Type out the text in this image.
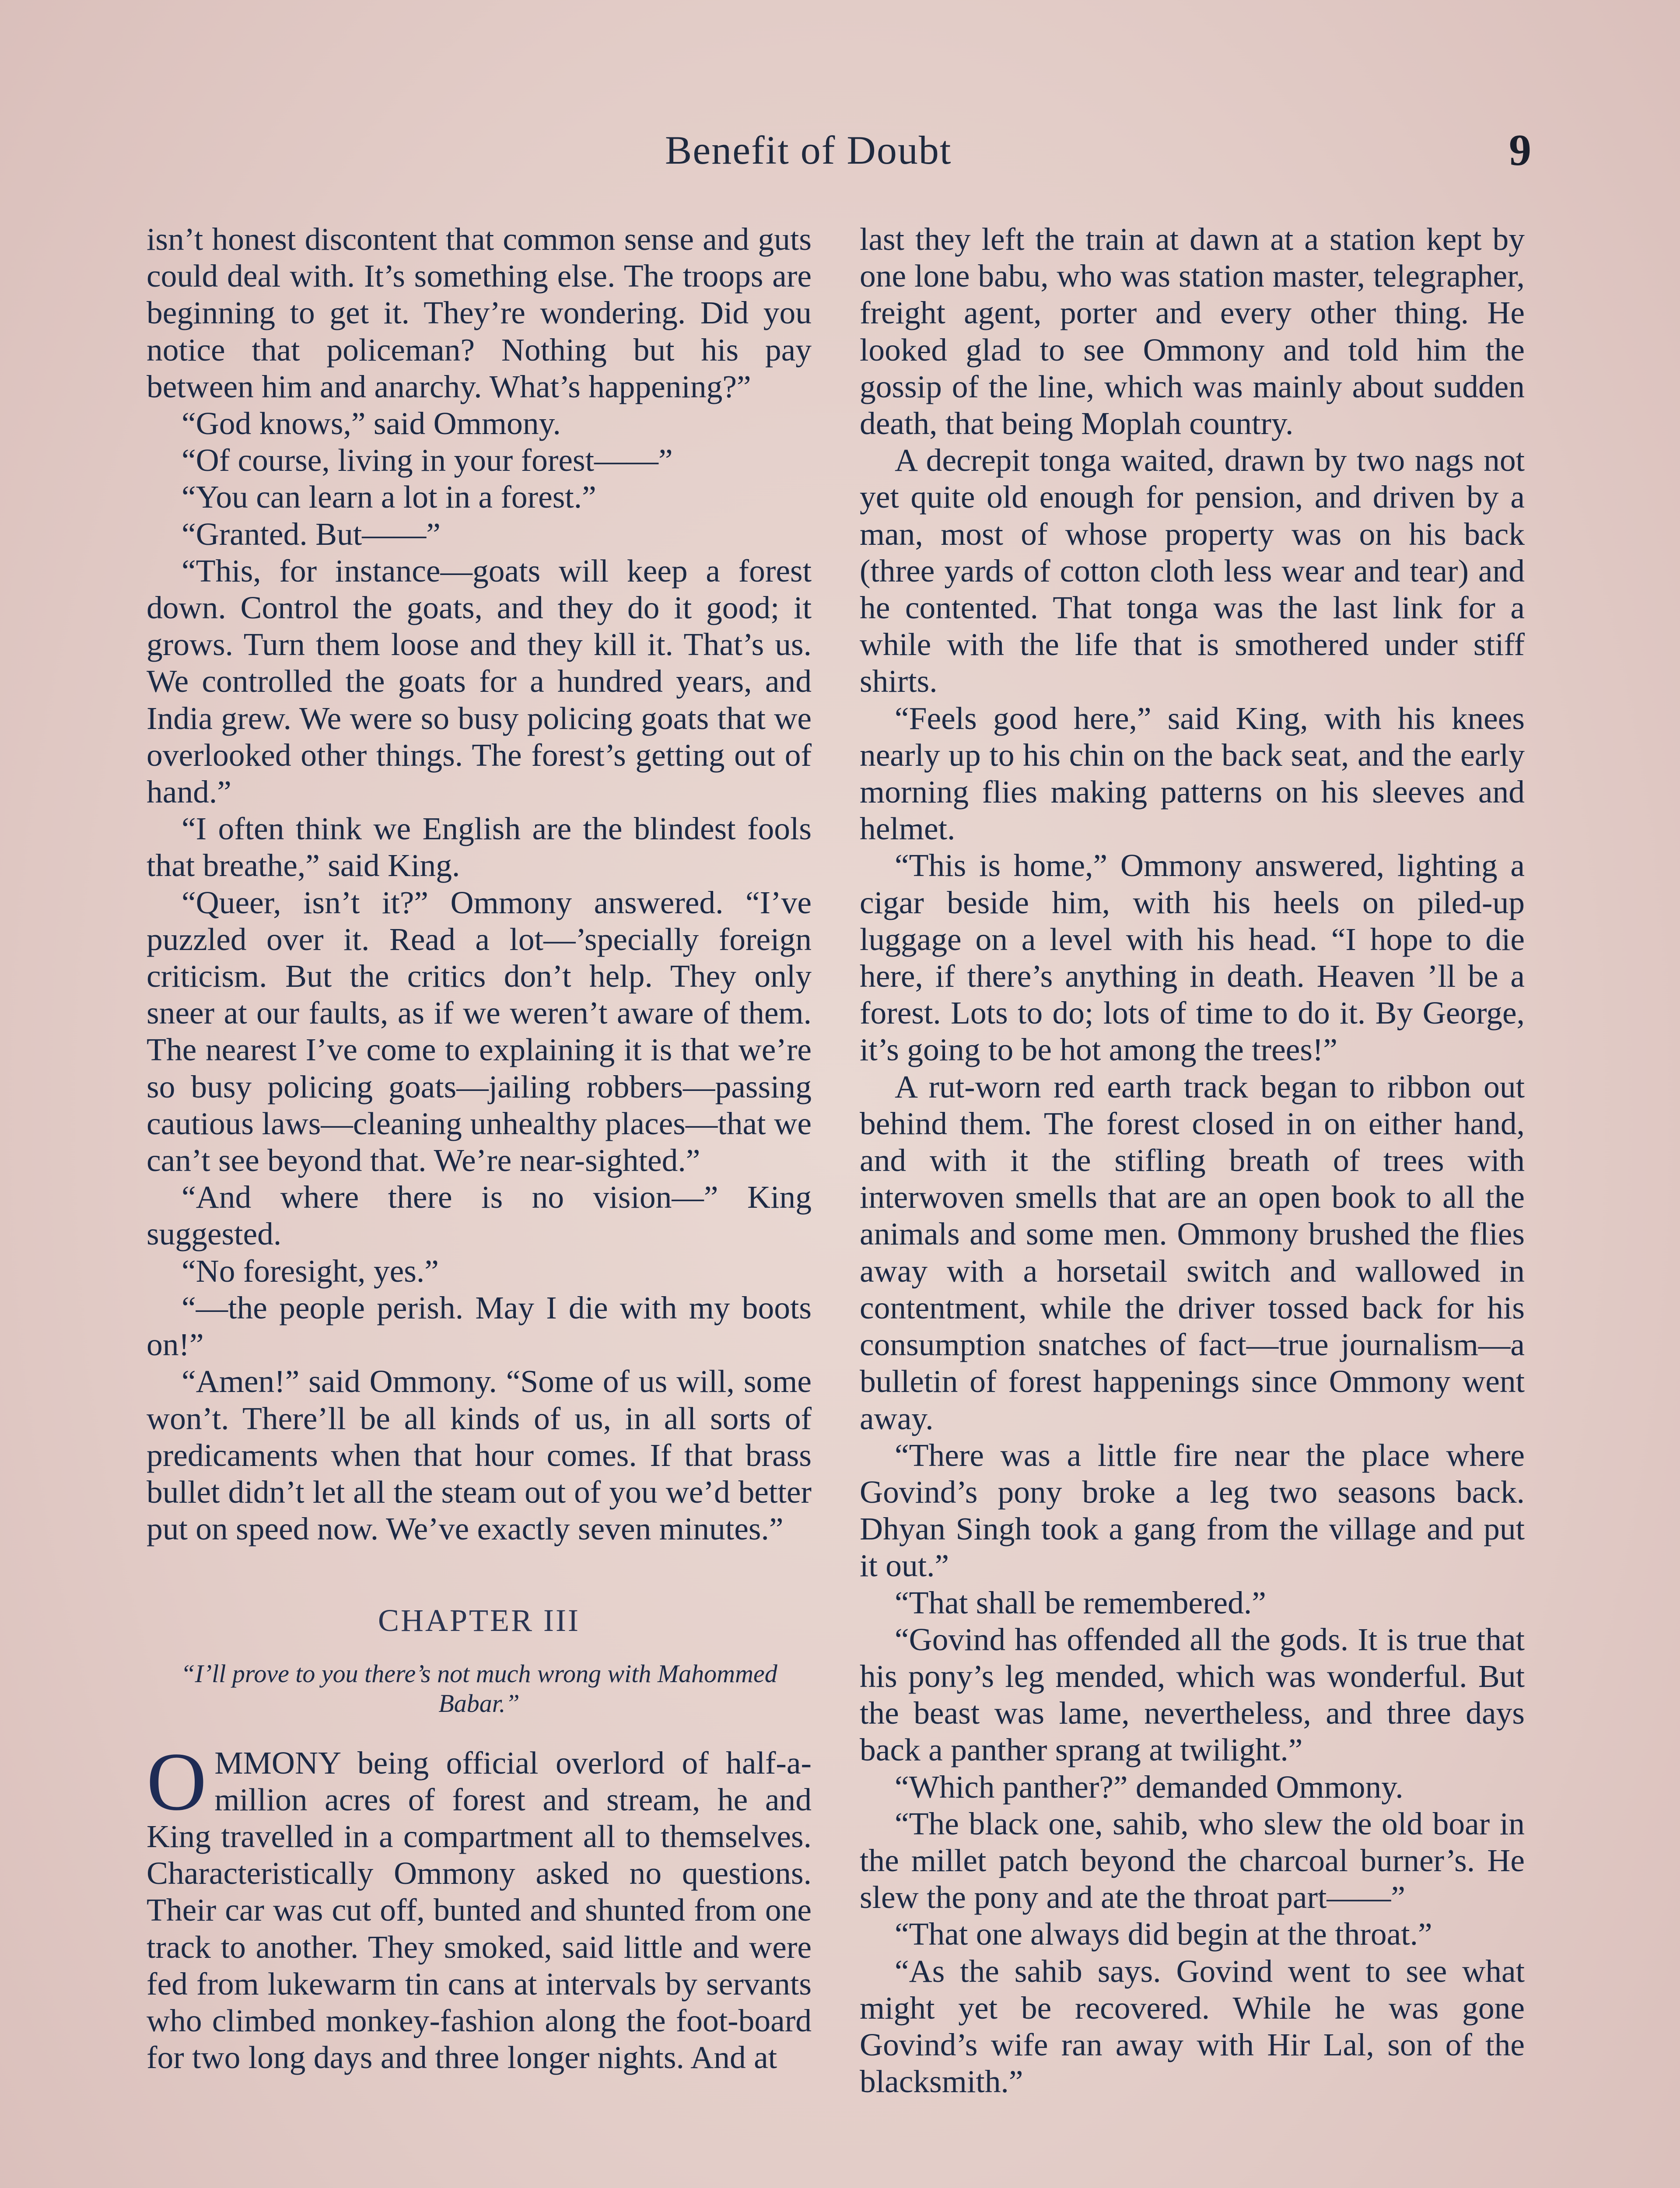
Benefit of Doubt	9

isn’t honest discontent that common sense and guts could deal with. It’s something else. The troops are beginning to get it. They’re wondering. Did you notice that policeman? Nothing but his pay between him and anarchy. What’s happening?”

“God knows,” said Ommony.

“Of course, living in your forest——”

“You can learn a lot in a forest.”

“Granted. But——”

“This, for instance—goats will keep a forest down. Control the goats, and they do it good; it grows. Turn them loose and they kill it. That’s us. We controlled the goats for a hundred years, and India grew. We were so busy policing goats that we overlooked other things. The forest’s getting out of hand.”

“I often think we English are the blindest fools that breathe,” said King.

“Queer, isn’t it?” Ommony answered. “I’ve puzzled over it. Read a lot—’specially foreign criticism. But the critics don’t help. They only sneer at our faults, as if we weren’t aware of them. The nearest I’ve come to explaining it is that we’re so busy policing goats—jailing robbers—passing cautious laws—cleaning unhealthy places—that we can’t see beyond that. We’re near-sighted.”

“And where there is no vision—” King suggested.

“No foresight, yes.”

“—the people perish. May I die with my boots on!”

“Amen!” said Ommony. “Some of us will, some won’t. There’ll be all kinds of us, in all sorts of predicaments when that hour comes. If that brass bullet didn’t let all the steam out of you we’d better put on speed now. We’ve exactly seven minutes.”

CHAPTER III
“I’ll prove to you there’s not much wrong with Mahommed Babar.”

OMMONY being official overlord of half-a-million acres of forest and stream, he and King travelled in a compartment all to themselves. Characteristically Ommony asked no questions. Their car was cut off, bunted and shunted from one track to another. They smoked, said little and were fed from lukewarm tin cans at intervals by servants who climbed monkey-fashion along the foot-board for two long days and three longer nights. And at

last they left the train at dawn at a station kept by one lone babu, who was station master, telegrapher, freight agent, porter and every other thing. He looked glad to see Ommony and told him the gossip of the line, which was mainly about sudden death, that being Moplah country.

A decrepit tonga waited, drawn by two nags not yet quite old enough for pension, and driven by a man, most of whose property was on his back (three yards of cotton cloth less wear and tear) and he contented. That tonga was the last link for a while with the life that is smothered under stiff shirts.

“Feels good here,” said King, with his knees nearly up to his chin on the back seat, and the early morning flies making patterns on his sleeves and helmet.

“This is home,” Ommony answered, lighting a cigar beside him, with his heels on piled-up luggage on a level with his head. “I hope to die here, if there’s anything in death. Heaven ’ll be a forest. Lots to do; lots of time to do it. By George, it’s going to be hot among the trees!”

A rut-worn red earth track began to ribbon out behind them. The forest closed in on either hand, and with it the stifling breath of trees with interwoven smells that are an open book to all the animals and some men. Ommony brushed the flies away with a horsetail switch and wallowed in contentment, while the driver tossed back for his consumption snatches of fact—true journalism—a bulletin of forest happenings since Ommony went away.

“There was a little fire near the place where Govind’s pony broke a leg two seasons back. Dhyan Singh took a gang from the village and put it out.”

“That shall be remembered.”

“Govind has offended all the gods. It is true that his pony’s leg mended, which was wonderful. But the beast was lame, nevertheless, and three days back a panther sprang at twilight.”

“Which panther?” demanded Ommony.

“The black one, sahib, who slew the old boar in the millet patch beyond the charcoal burner’s. He slew the pony and ate the throat part——”

“That one always did begin at the throat.”

“As the sahib says. Govind went to see what might yet be recovered. While he was gone Govind’s wife ran away with Hir Lal, son of the blacksmith.”
